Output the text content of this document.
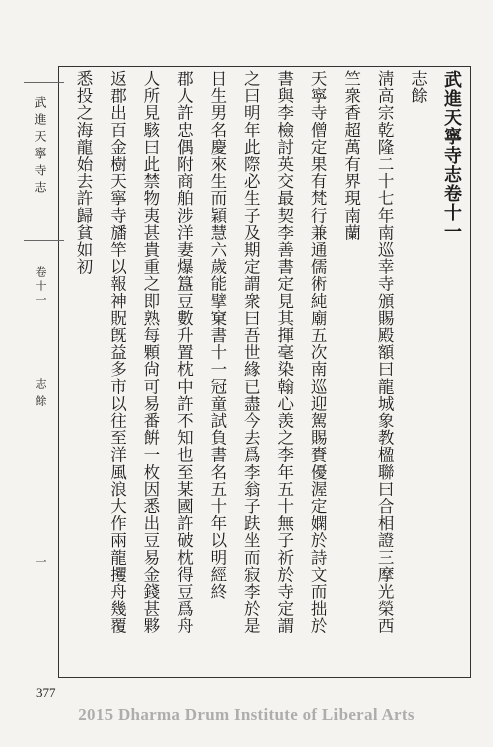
武進天寧寺志
卷十一
志餘
一
武進天寧寺志卷十一
志餘
淸高宗乾隆二十七年南巡幸寺頒賜殿額曰龍城象教楹聯曰合相證三摩光榮西
竺衆香超萬有界現南蘭
天寧寺僧定果有梵行兼通儒術純廟五次南巡迎駕賜賚優渥定嫻於詩文而拙於
書與李檢討英交最契李善書定見其揮毫染翰心羡之李年五十無子祈於寺定謂
之曰明年此際必生子及期定謂衆曰吾世緣已盡今去爲李翁子趺坐而寂李於是
日生男名慶來生而穎慧六歲能擘窠書十一冠童試負書名五十年以明經終
郡人許忠偶附商舶涉洋妻爆簋豆數升置枕中許不知也至某國許破枕得豆爲舟
人所見駭曰此禁物夷甚貴重之即熟每顆尙可易番餠一枚因悉出豆易金錢甚夥
返郡出百金樹天寧寺旙竿以報神貺旣益多市以往至洋風浪大作兩龍攫舟幾覆
悉投之海龍始去許歸貧如初
377
2015 Dharma Drum Institute of Liberal Arts
